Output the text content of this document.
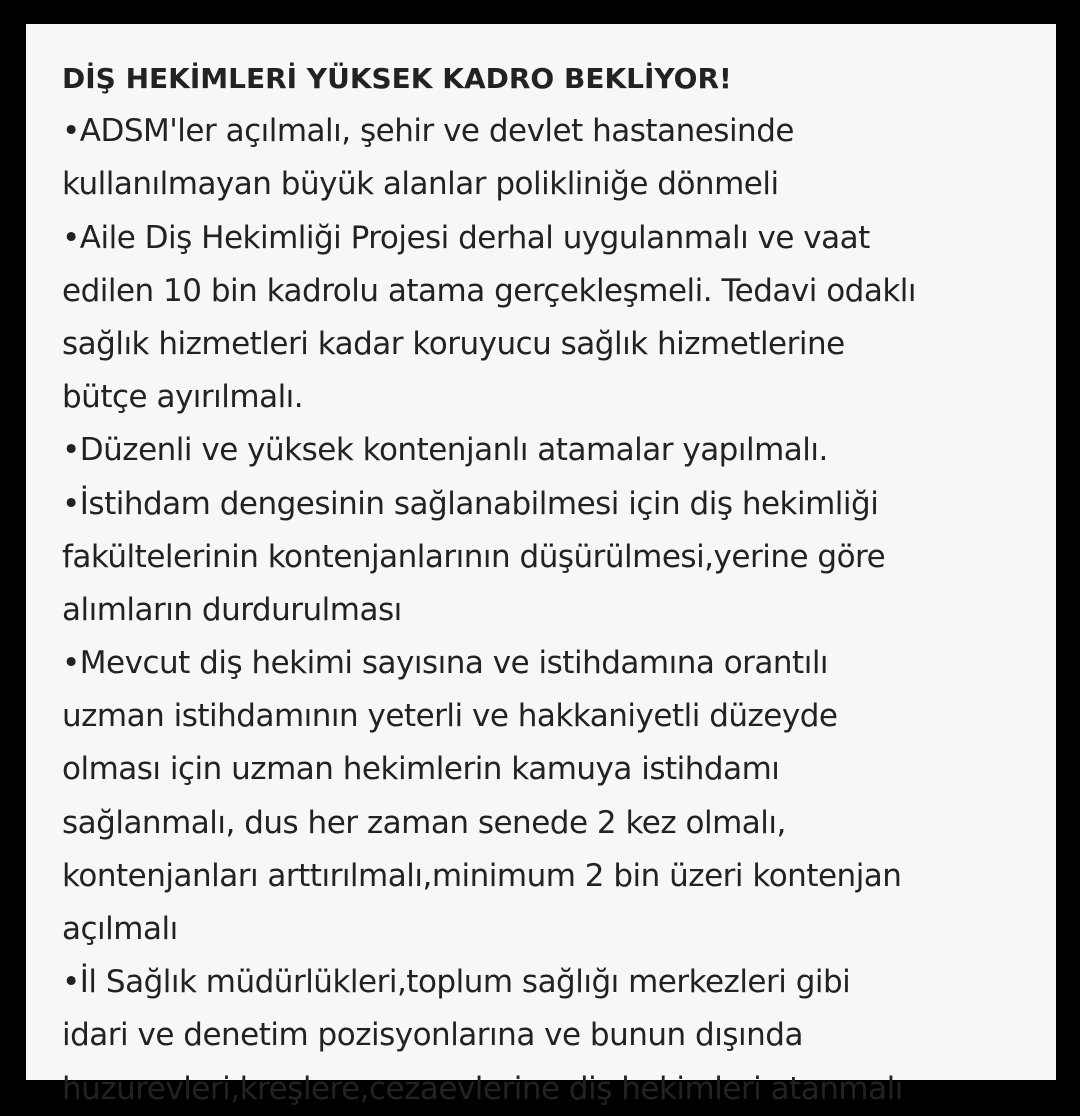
DİŞ HEKİMLERİ YÜKSEK KADRO BEKLİYOR!
•ADSM'ler açılmalı, şehir ve devlet hastanesinde
kullanılmayan büyük alanlar polikliniğe dönmeli
•Aile Diş Hekimliği Projesi derhal uygulanmalı ve vaat
edilen 10 bin kadrolu atama gerçekleşmeli. Tedavi odaklı
sağlık hizmetleri kadar koruyucu sağlık hizmetlerine
bütçe ayırılmalı.
•Düzenli ve yüksek kontenjanlı atamalar yapılmalı.
•İstihdam dengesinin sağlanabilmesi için diş hekimliği
fakültelerinin kontenjanlarının düşürülmesi,yerine göre
alımların durdurulması
•Mevcut diş hekimi sayısına ve istihdamına orantılı
uzman istihdamının yeterli ve hakkaniyetli düzeyde
olması için uzman hekimlerin kamuya istihdamı
sağlanmalı, dus her zaman senede 2 kez olmalı,
kontenjanları arttırılmalı,minimum 2 bin üzeri kontenjan
açılmalı
•İl Sağlık müdürlükleri,toplum sağlığı merkezleri gibi
idari ve denetim pozisyonlarına ve bunun dışında
huzurevleri,kreşlere,cezaevlerine diş hekimleri atanmalı
